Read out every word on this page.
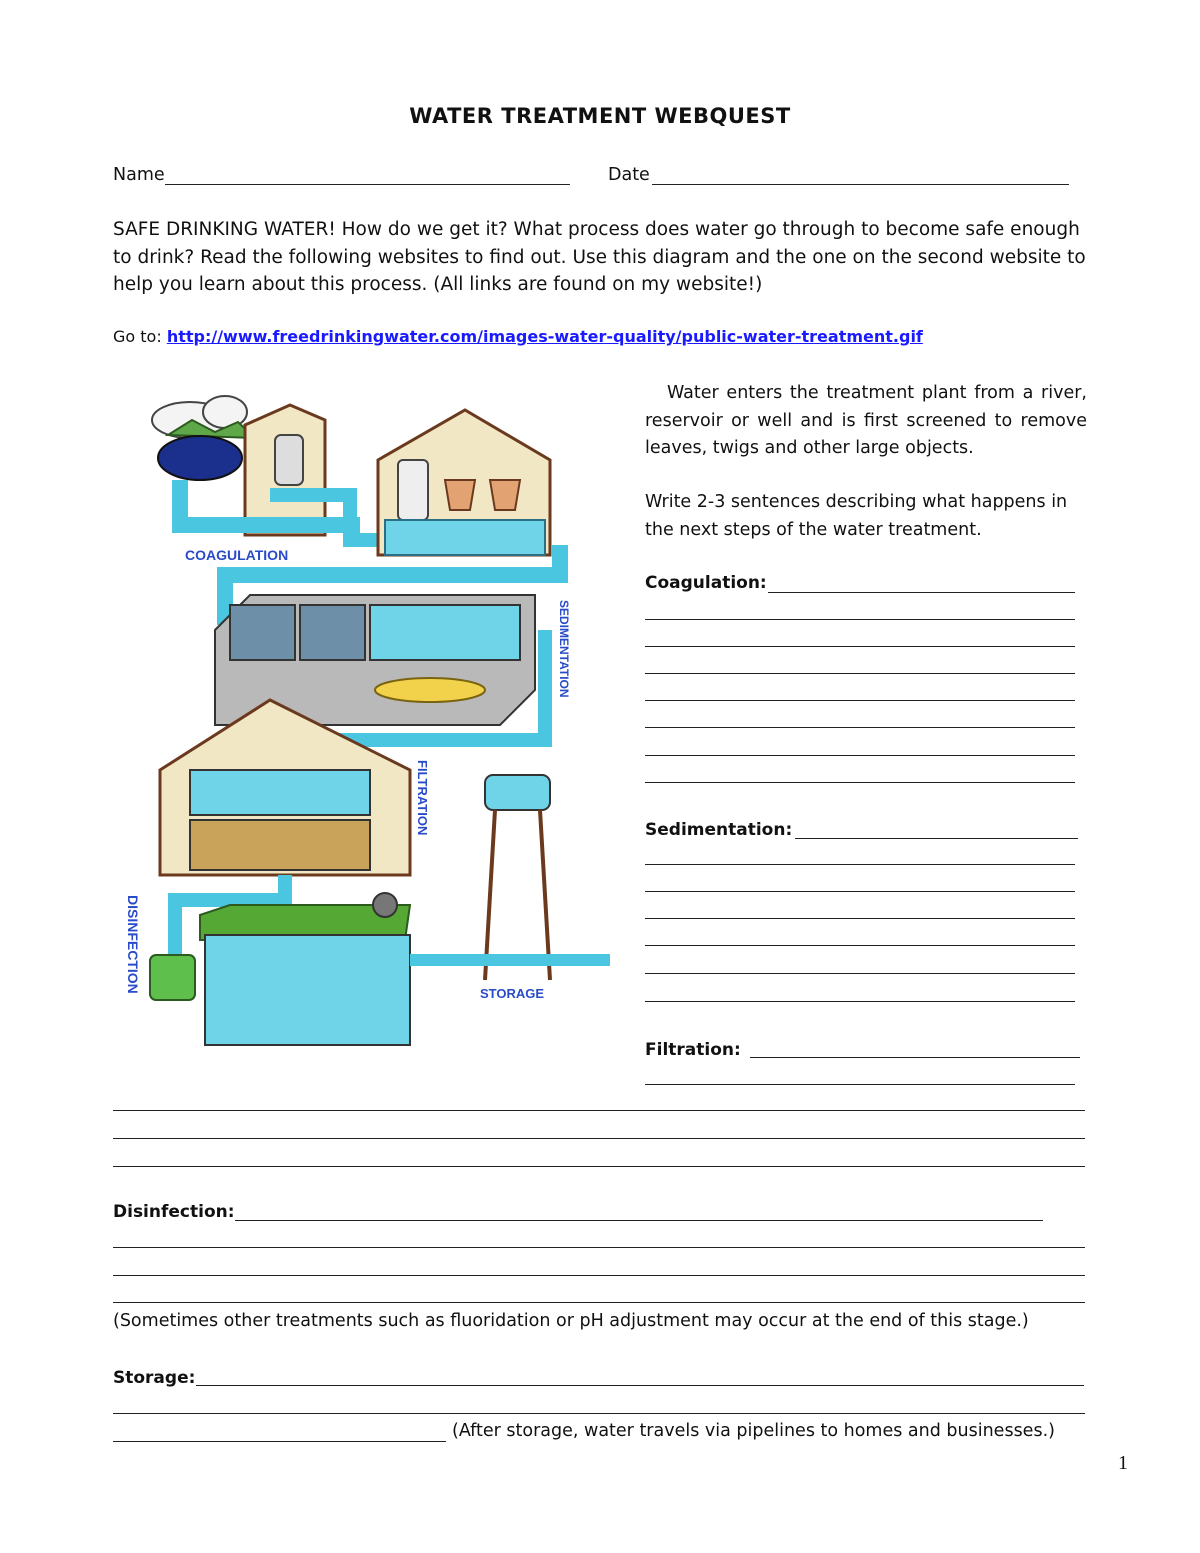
WATER TREATMENT WEBQUEST
Name	Date
SAFE DRINKING WATER! How do we get it? What process does water go through to become safe enough to drink? Read the following websites to find out. Use this diagram and the one on the second website to help you learn about this process. (All links are found on my website!)
Go to: http://www.freedrinkingwater.com/images-water-quality/public-water-treatment.gif
COAGULATION
SEDIMENTATION
FILTRATION
DISINFECTION	STORAGE
Water enters the treatment plant from a river, reservoir or well and is first screened to remove leaves, twigs and other large objects.
Write 2-3 sentences describing what happens in the next steps of the water treatment.
Coagulation:
Sedimentation:
Filtration:
Disinfection:
(Sometimes other treatments such as fluoridation or pH adjustment may occur at the end of this stage.)
Storage:
(After storage, water travels via pipelines to homes and businesses.)
1
